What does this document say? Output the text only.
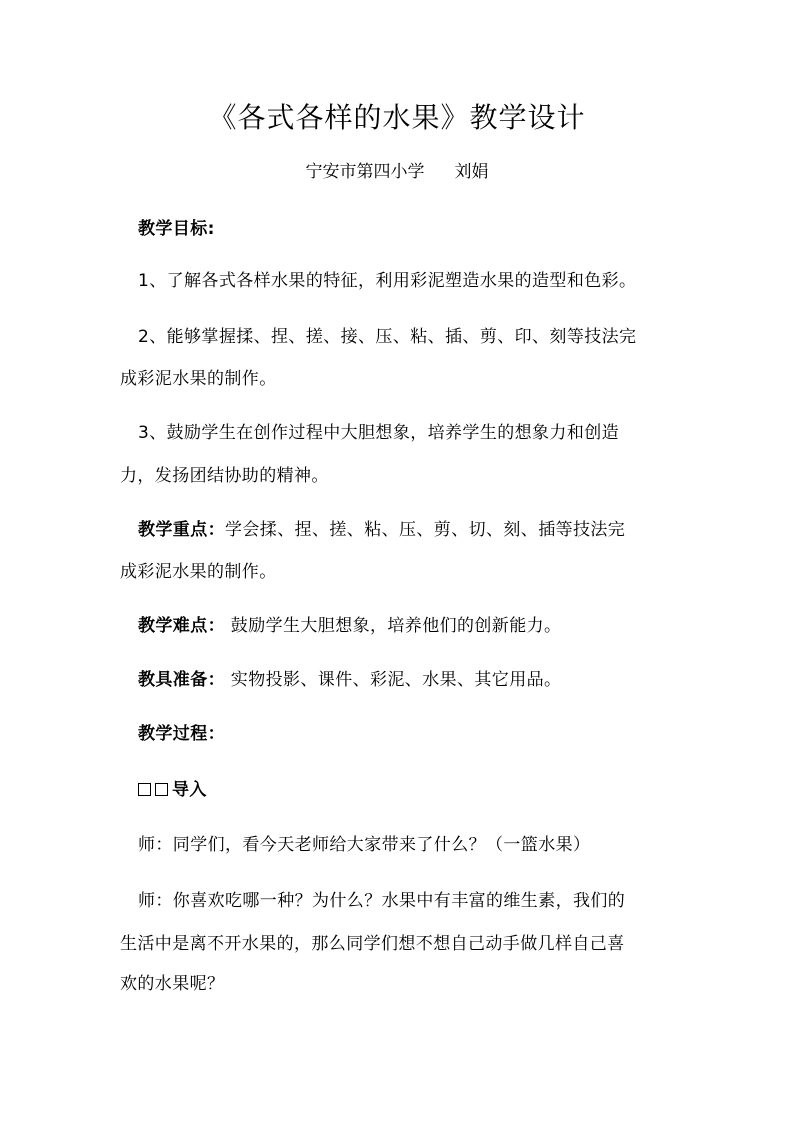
《各式各样的水果》教学设计
宁安市第四小学 刘娟
教学目标:
1、了解各式各样水果的特征，利用彩泥塑造水果的造型和色彩。
2、能够掌握揉、捏、搓、接、压、粘、插、剪、印、刻等技法完
成彩泥水果的制作。
3、鼓励学生在创作过程中大胆想象，培养学生的想象力和创造
力，发扬团结协助的精神。
教学重点：学会揉、捏、搓、粘、压、剪、切、刻、插等技法完
成彩泥水果的制作。
教学难点： 鼓励学生大胆想象，培养他们的创新能力。
教具准备： 实物投影、课件、彩泥、水果、其它用品。
教学过程：
导入
师：同学们，看今天老师给大家带来了什么？（一篮水果）
师：你喜欢吃哪一种？为什么？水果中有丰富的维生素，我们的
生活中是离不开水果的，那么同学们想不想自己动手做几样自己喜
欢的水果呢？
